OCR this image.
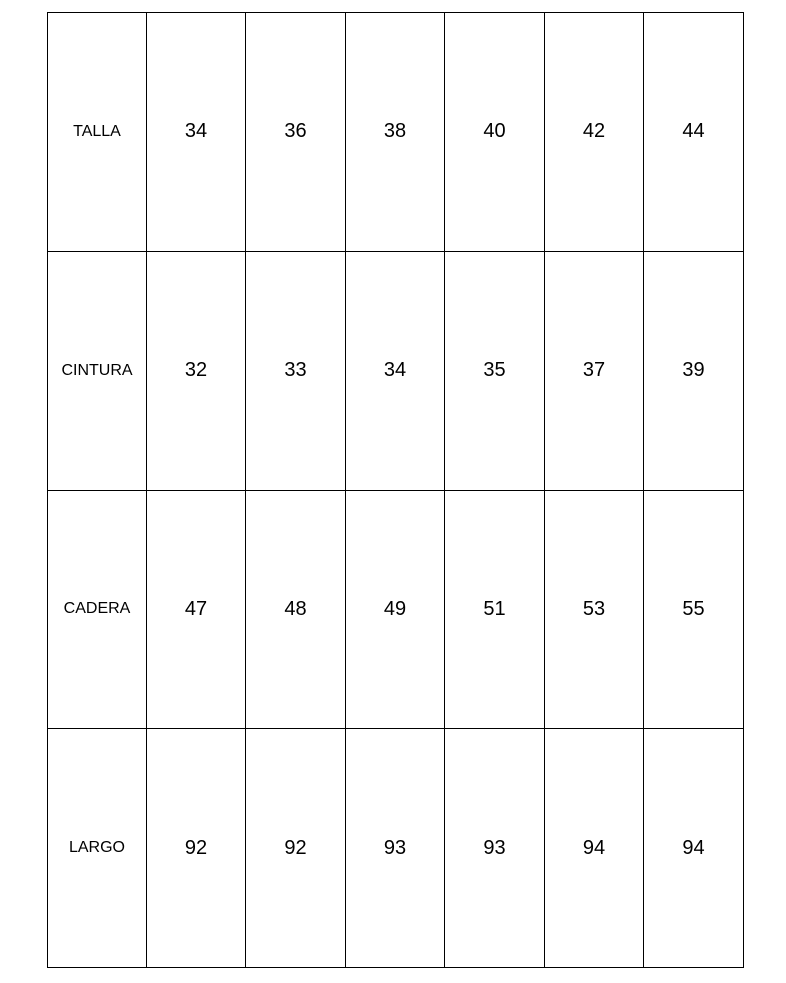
TALLA	34	36	38	40	42	44
CINTURA	32	33	34	35	37	39
CADERA	47	48	49	51	53	55
LARGO	92	92	93	93	94	94
